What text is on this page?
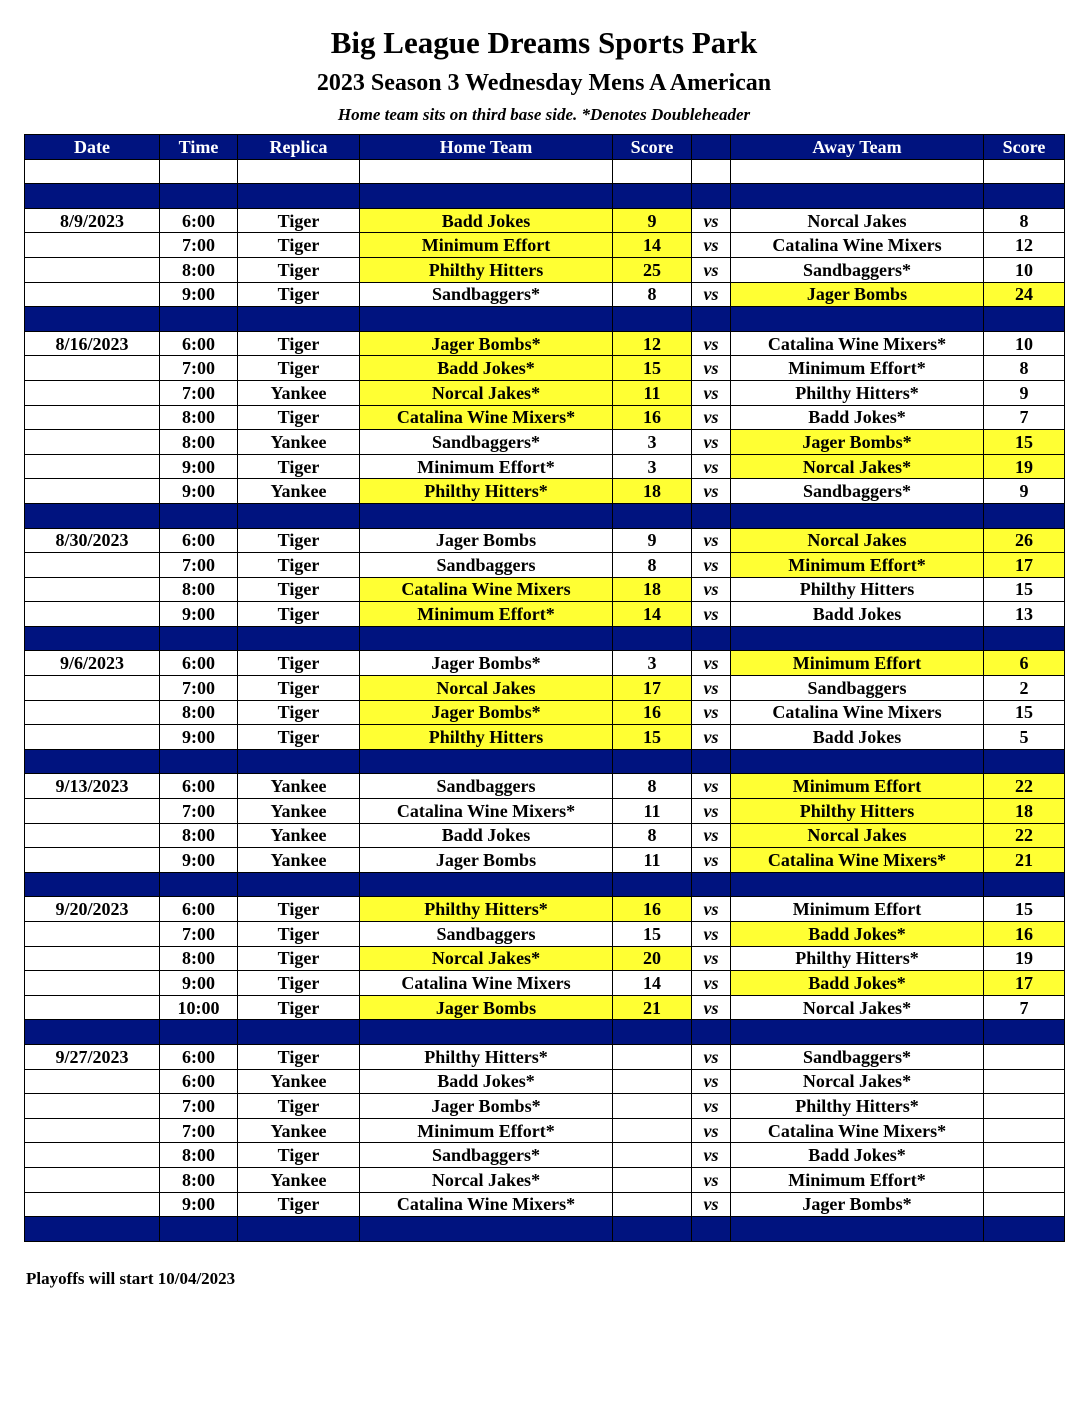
Big League Dreams Sports Park
2023 Season 3 Wednesday Mens A American
Home team sits on third base side. *Denotes Doubleheader
Date	Time	Replica	Home Team	Score		Away Team	Score

8/9/2023	6:00	Tiger	Badd Jokes	9	vs	Norcal Jakes	8
	7:00	Tiger	Minimum Effort	14	vs	Catalina Wine Mixers	12
	8:00	Tiger	Philthy Hitters	25	vs	Sandbaggers*	10
	9:00	Tiger	Sandbaggers*	8	vs	Jager Bombs	24

8/16/2023	6:00	Tiger	Jager Bombs*	12	vs	Catalina Wine Mixers*	10
	7:00	Tiger	Badd Jokes*	15	vs	Minimum Effort*	8
	7:00	Yankee	Norcal Jakes*	11	vs	Philthy Hitters*	9
	8:00	Tiger	Catalina Wine Mixers*	16	vs	Badd Jokes*	7
	8:00	Yankee	Sandbaggers*	3	vs	Jager Bombs*	15
	9:00	Tiger	Minimum Effort*	3	vs	Norcal Jakes*	19
	9:00	Yankee	Philthy Hitters*	18	vs	Sandbaggers*	9

8/30/2023	6:00	Tiger	Jager Bombs	9	vs	Norcal Jakes	26
	7:00	Tiger	Sandbaggers	8	vs	Minimum Effort*	17
	8:00	Tiger	Catalina Wine Mixers	18	vs	Philthy Hitters	15
	9:00	Tiger	Minimum Effort*	14	vs	Badd Jokes	13

9/6/2023	6:00	Tiger	Jager Bombs*	3	vs	Minimum Effort	6
	7:00	Tiger	Norcal Jakes	17	vs	Sandbaggers	2
	8:00	Tiger	Jager Bombs*	16	vs	Catalina Wine Mixers	15
	9:00	Tiger	Philthy Hitters	15	vs	Badd Jokes	5

9/13/2023	6:00	Yankee	Sandbaggers	8	vs	Minimum Effort	22
	7:00	Yankee	Catalina Wine Mixers*	11	vs	Philthy Hitters	18
	8:00	Yankee	Badd Jokes	8	vs	Norcal Jakes	22
	9:00	Yankee	Jager Bombs	11	vs	Catalina Wine Mixers*	21

9/20/2023	6:00	Tiger	Philthy Hitters*	16	vs	Minimum Effort	15
	7:00	Tiger	Sandbaggers	15	vs	Badd Jokes*	16
	8:00	Tiger	Norcal Jakes*	20	vs	Philthy Hitters*	19
	9:00	Tiger	Catalina Wine Mixers	14	vs	Badd Jokes*	17
	10:00	Tiger	Jager Bombs	21	vs	Norcal Jakes*	7

9/27/2023	6:00	Tiger	Philthy Hitters*		vs	Sandbaggers*	
	6:00	Yankee	Badd Jokes*		vs	Norcal Jakes*	
	7:00	Tiger	Jager Bombs*		vs	Philthy Hitters*	
	7:00	Yankee	Minimum Effort*		vs	Catalina Wine Mixers*	
	8:00	Tiger	Sandbaggers*		vs	Badd Jokes*	
	8:00	Yankee	Norcal Jakes*		vs	Minimum Effort*	
	9:00	Tiger	Catalina Wine Mixers*		vs	Jager Bombs*	

Playoffs will start 10/04/2023
